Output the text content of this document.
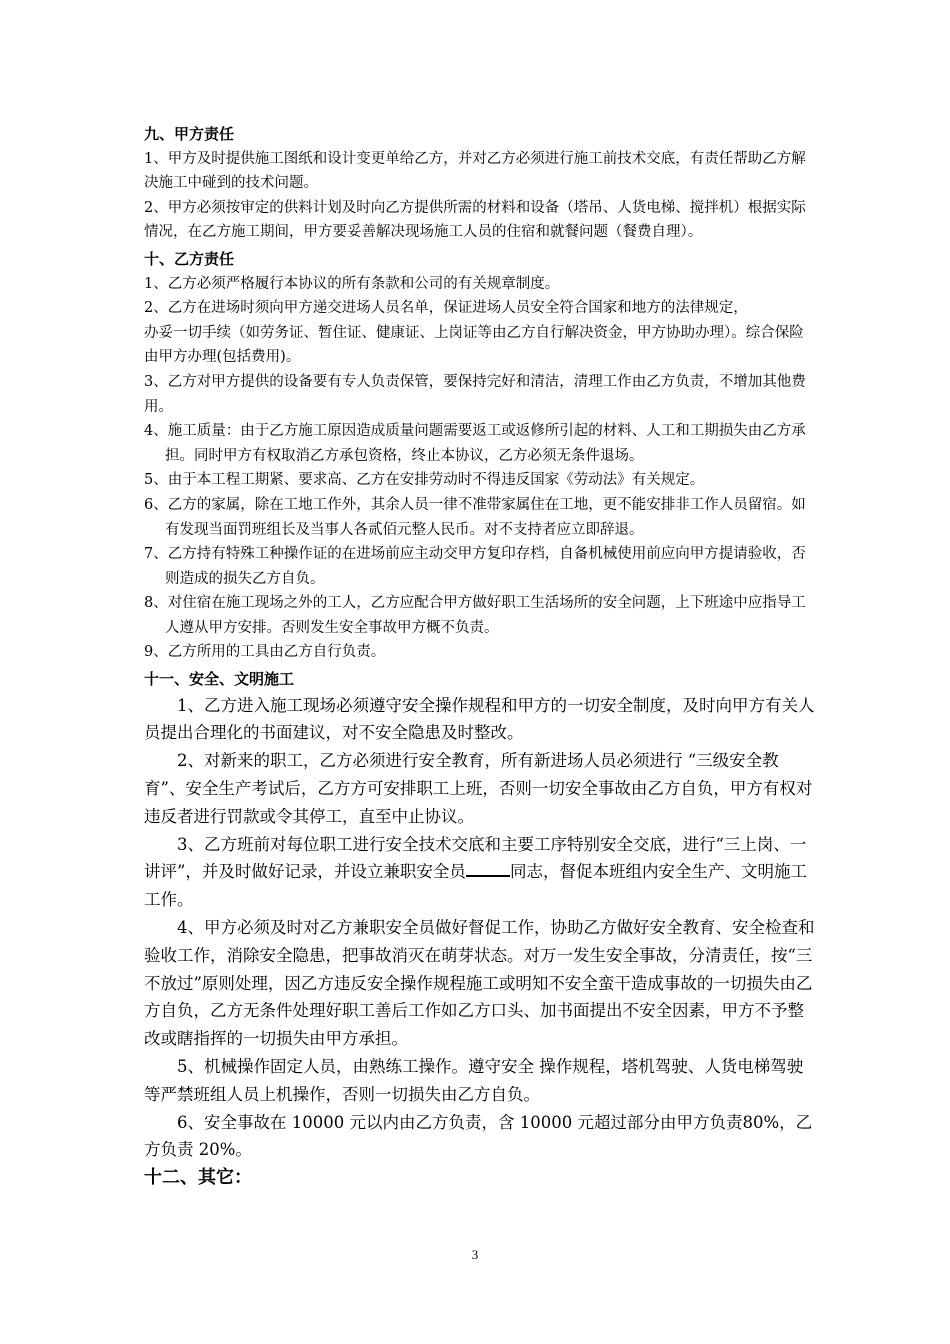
九、甲方责任

1、甲方及时提供施工图纸和设计变更单给乙方，并对乙方必须进行施工前技术交底，有责任帮助乙方解决施工中碰到的技术问题。

2、甲方必须按审定的供料计划及时向乙方提供所需的材料和设备（塔吊、人货电梯、搅拌机）根据实际情况，在乙方施工期间，甲方要妥善解决现场施工人员的住宿和就餐问题（餐费自理）。

十、乙方责任

1、乙方必须严格履行本协议的所有条款和公司的有关规章制度。

2、乙方在进场时须向甲方递交进场人员名单，保证进场人员安全符合国家和地方的法律规定，

办妥一切手续（如劳务证、暂住证、健康证、上岗证等由乙方自行解决资金，甲方协助办理）。综合保险由甲方办理(包括费用)。

3、乙方对甲方提供的设备要有专人负责保管，要保持完好和清洁，清理工作由乙方负责，不增加其他费用。

4、施工质量：由于乙方施工原因造成质量问题需要返工或返修所引起的材料、人工和工期损失由乙方承担。同时甲方有权取消乙方承包资格，终止本协议，乙方必须无条件退场。

5、由于本工程工期紧、要求高、乙方在安排劳动时不得违反国家《劳动法》有关规定。

6、乙方的家属，除在工地工作外，其余人员一律不准带家属住在工地，更不能安排非工作人员留宿。如有发现当面罚班组长及当事人各贰佰元整人民币。对不支持者应立即辞退。

7、乙方持有特殊工种操作证的在进场前应主动交甲方复印存档，自备机械使用前应向甲方提请验收，否则造成的损失乙方自负。

8、对住宿在施工现场之外的工人，乙方应配合甲方做好职工生活场所的安全问题，上下班途中应指导工人遵从甲方安排。否则发生安全事故甲方概不负责。

9、乙方所用的工具由乙方自行负责。

十一、安全、文明施工

1、乙方进入施工现场必须遵守安全操作规程和甲方的一切安全制度，及时向甲方有关人员提出合理化的书面建议，对不安全隐患及时整改。

2、对新来的职工，乙方必须进行安全教育，所有新进场人员必须进行 “三级安全教育”、安全生产考试后，乙方方可安排职工上班，否则一切安全事故由乙方自负，甲方有权对违反者进行罚款或令其停工，直至中止协议。

3、乙方班前对每位职工进行安全技术交底和主要工序特别安全交底，进行“三上岗、一讲评”，并及时做好记录，并设立兼职安全员	同志，督促本班组内安全生产、文明施工工作。

4、甲方必须及时对乙方兼职安全员做好督促工作，协助乙方做好安全教育、安全检查和验收工作，消除安全隐患，把事故消灭在萌芽状态。对万一发生安全事故，分清责任，按“三不放过”原则处理，因乙方违反安全操作规程施工或明知不安全蛮干造成事故的一切损失由乙方自负，乙方无条件处理好职工善后工作如乙方口头、加书面提出不安全因素，甲方不予整改或瞎指挥的一切损失由甲方承担。

5、机械操作固定人员，由熟练工操作。遵守安全 操作规程，塔机驾驶、人货电梯驾驶等严禁班组人员上机操作，否则一切损失由乙方自负。

6、安全事故在 10000 元以内由乙方负责，含 10000 元超过部分由甲方负责80%，乙方负责 20%。

十二、其它：

3
